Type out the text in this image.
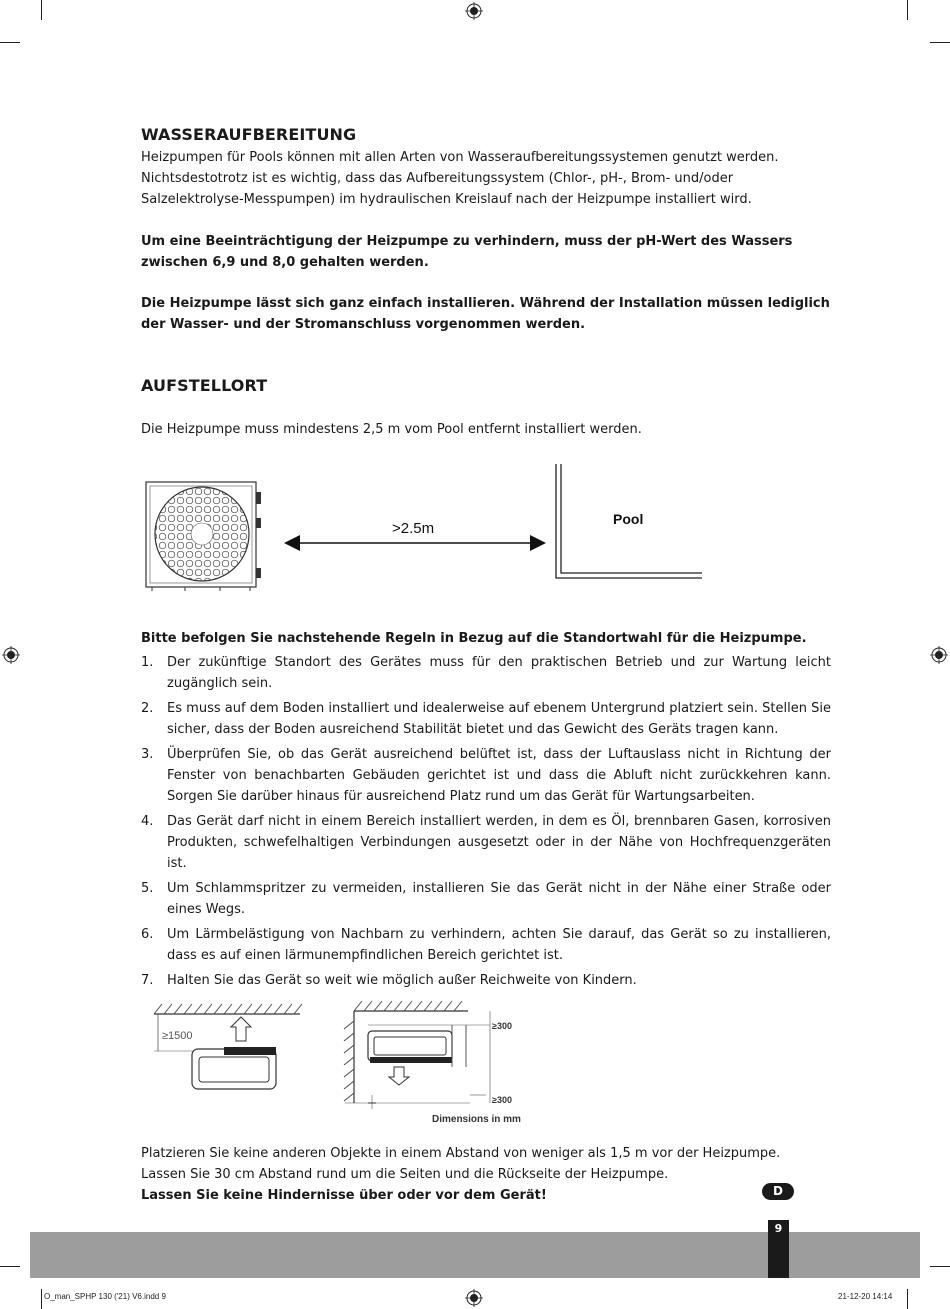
WASSERAUFBEREITUNG
Heizpumpen für Pools können mit allen Arten von Wasseraufbereitungssystemen genutzt werden. Nichtsdestotrotz ist es wichtig, dass das Aufbereitungssystem (Chlor-, pH-, Brom- und/oder Salzelektrolyse-Messpumpen) im hydraulischen Kreislauf nach der Heizpumpe installiert wird.
Um eine Beeinträchtigung der Heizpumpe zu verhindern, muss der pH-Wert des Wassers zwischen 6,9 und 8,0 gehalten werden.
Die Heizpumpe lässt sich ganz einfach installieren. Während der Installation müssen lediglich der Wasser- und der Stromanschluss vorgenommen werden.
AUFSTELLORT
Die Heizpumpe muss mindestens 2,5 m vom Pool entfernt installiert werden.
>2.5m
Pool
Bitte befolgen Sie nachstehende Regeln in Bezug auf die Standortwahl für die Heizpumpe.
1. Der zukünftige Standort des Gerätes muss für den praktischen Betrieb und zur Wartung leicht zugänglich sein.
2. Es muss auf dem Boden installiert und idealerweise auf ebenem Untergrund platziert sein. Stellen Sie sicher, dass der Boden ausreichend Stabilität bietet und das Gewicht des Geräts tragen kann.
3. Überprüfen Sie, ob das Gerät ausreichend belüftet ist, dass der Luftauslass nicht in Richtung der Fenster von benachbarten Gebäuden gerichtet ist und dass die Abluft nicht zurückkehren kann. Sorgen Sie darüber hinaus für ausreichend Platz rund um das Gerät für Wartungsarbeiten.
4. Das Gerät darf nicht in einem Bereich installiert werden, in dem es Öl, brennbaren Gasen, korrosiven Produkten, schwefelhaltigen Verbindungen ausgesetzt oder in der Nähe von Hochfrequenzgeräten ist.
5. Um Schlammspritzer zu vermeiden, installieren Sie das Gerät nicht in der Nähe einer Straße oder eines Wegs.
6. Um Lärmbelästigung von Nachbarn zu verhindern, achten Sie darauf, das Gerät so zu installieren, dass es auf einen lärmunempfindlichen Bereich gerichtet ist.
7. Halten Sie das Gerät so weit wie möglich außer Reichweite von Kindern.
≥1500
≥300
≥300
Dimensions in mm
Platzieren Sie keine anderen Objekte in einem Abstand von weniger als 1,5 m vor der Heizpumpe.
Lassen Sie 30 cm Abstand rund um die Seiten und die Rückseite der Heizpumpe.
Lassen Sie keine Hindernisse über oder vor dem Gerät!	D
9
O_man_SPHP 130 ('21) V6.indd 9	21-12-20 14:14
